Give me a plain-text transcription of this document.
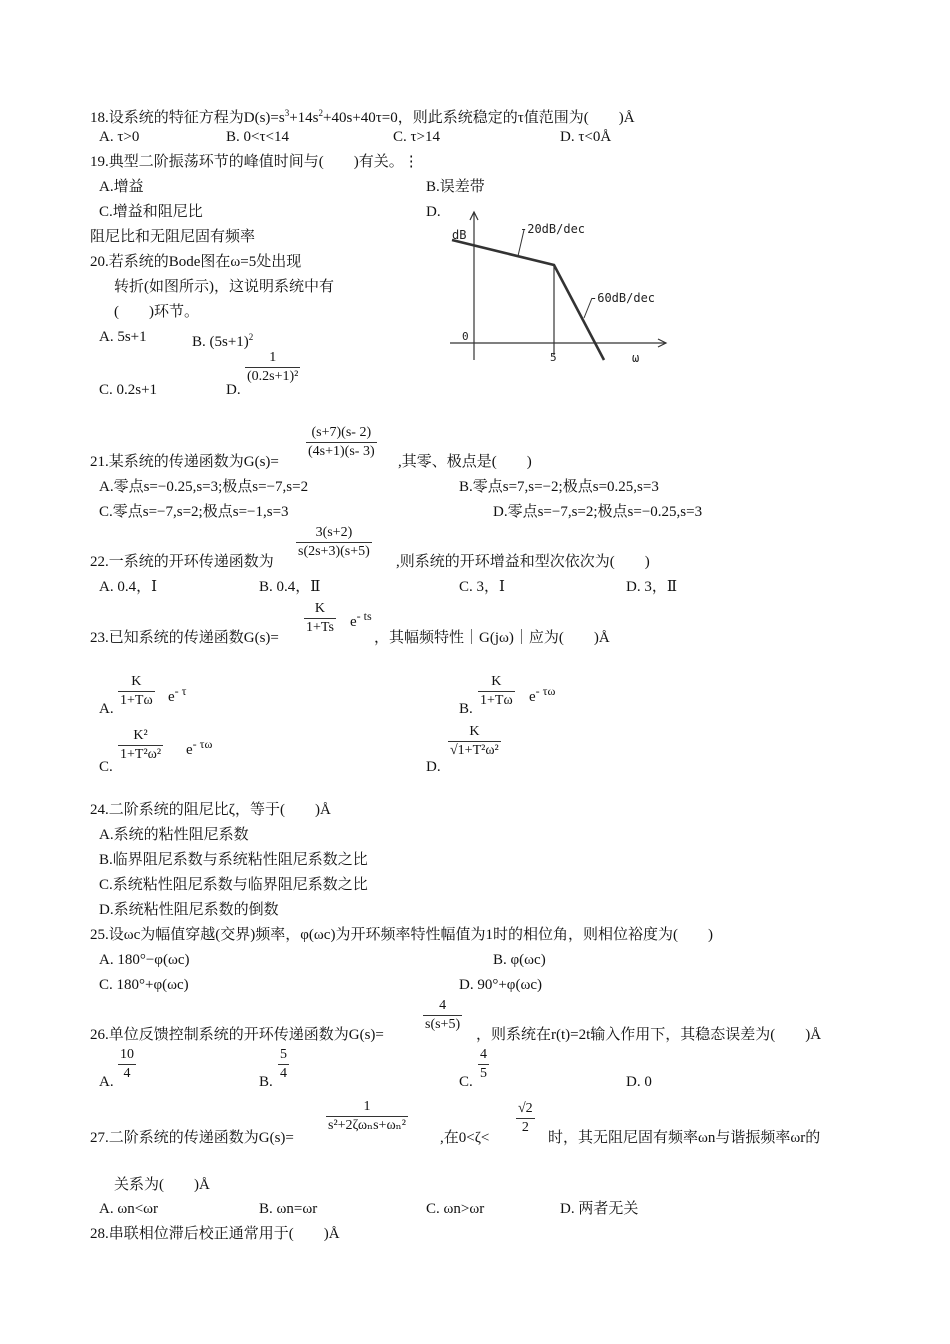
18.设系统的特征方程为$D(s)=s^3+14s^2+40s+40\tau=0$，则此系统稳定的τ值范围为(　　)Å
A. τ>0	B. 0<τ<14	C. τ>14	D. τ<0Å
19.典型二阶振荡环节的峰值时间与(　　)有关。⋮
A.增益	B.误差带
C.增益和阻尼比	D.
阻尼比和无阻尼固有频率
20.若系统的Bode图在ω=5处出现
转折(如图所示)，这说明系统中有
(　　)环节。
A. 5s+1	B. $(5s+1)^2$
C. 0.2s+1	D.
1
(0.2s+1)²
dB	-20dB/dec
-60dB/dec
0
5	ω
21.某系统的传递函数为G(s)=
(s+7)(s- 2)
(4s+1)(s- 3)
,其零、极点是(　　)
A.零点s=−0.25,s=3;极点s=−7,s=2	B.零点s=7,s=−2;极点s=0.25,s=3
C.零点s=−7,s=2;极点s=−1,s=3	D.零点s=−7,s=2;极点s=−0.25,s=3
22.一系统的开环传递函数为
3(s+2)
s(2s+3)(s+5)
,则系统的开环增益和型次依次为(　　)
A. 0.4，Ⅰ	B. 0.4，Ⅱ	C. 3，Ⅰ	D. 3，Ⅱ
23.已知系统的传递函数G(s)=
K
1+Ts $e^{- ts}$
，其幅频特性｜G(jω)｜应为(　　)Å
A.
K
1+Tω $e^{- \tau}$
B.
K
1+Tω $e^{- \tau\omega}$
C.
K²
1+T²ω² $e^{- \tau\omega}$
D.
K
√1+T²ω²
24.二阶系统的阻尼比ζ，等于(　　)Å
A.系统的粘性阻尼系数
B.临界阻尼系数与系统粘性阻尼系数之比
C.系统粘性阻尼系数与临界阻尼系数之比
D.系统粘性阻尼系数的倒数
25.设ωc为幅值穿越(交界)频率，φ(ωc)为开环频率特性幅值为1时的相位角，则相位裕度为(　　)
A. 180°−φ(ωc)	B. φ(ωc)
C. 180°+φ(ωc)	D. 90°+φ(ωc)
26.单位反馈控制系统的开环传递函数为G(s)=
4
s(s+5)
，则系统在r(t)=2t输入作用下，其稳态误差为(　　)Å
A.
10
4
B.
5
4
C.
4
5
D. 0
27.二阶系统的传递函数为G(s)=
1
s²+2ζωₙs+ωₙ²
,在0<ζ<
√2
2
时，其无阻尼固有频率ωn与谐振频率ωr的
关系为(　　)Å
A. ωn<ωr	B. ωn=ωr	C. ωn>ωr	D. 两者无关
28.串联相位滞后校正通常用于(　　)Å
